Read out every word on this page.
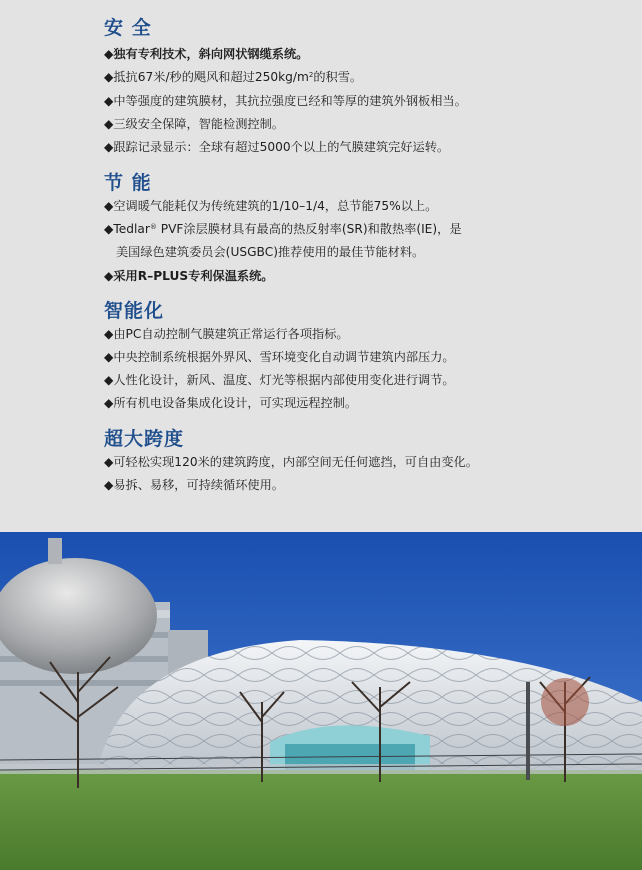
安 全
◆独有专利技术，斜向网状钢缆系统。
◆抵抗67米/秒的飓风和超过$250kg/m^2$的积雪。
◆中等强度的建筑膜材，其抗拉强度已经和等厚的建筑外钢板相当。
◆三级安全保障，智能检测控制。
◆跟踪记录显示：全球有超过5000个以上的气膜建筑完好运转。
节 能
◆空调暖气能耗仅为传统建筑的1/10–1/4，总节能75%以上。
◆Tedlar® PVF涂层膜材具有最高的热反射率(SR)和散热率(IE)，是
美国绿色建筑委员会(USGBC)推荐使用的最佳节能材料。
◆采用R–PLUS专利保温系统。
智能化
◆由PC自动控制气膜建筑正常运行各项指标。
◆中央控制系统根据外界风、雪环境变化自动调节建筑内部压力。
◆人性化设计，新风、温度、灯光等根据内部使用变化进行调节。
◆所有机电设备集成化设计，可实现远程控制。
超大跨度
◆可轻松实现120米的建筑跨度，内部空间无任何遮挡，可自由变化。
◆易拆、易移，可持续循环使用。
